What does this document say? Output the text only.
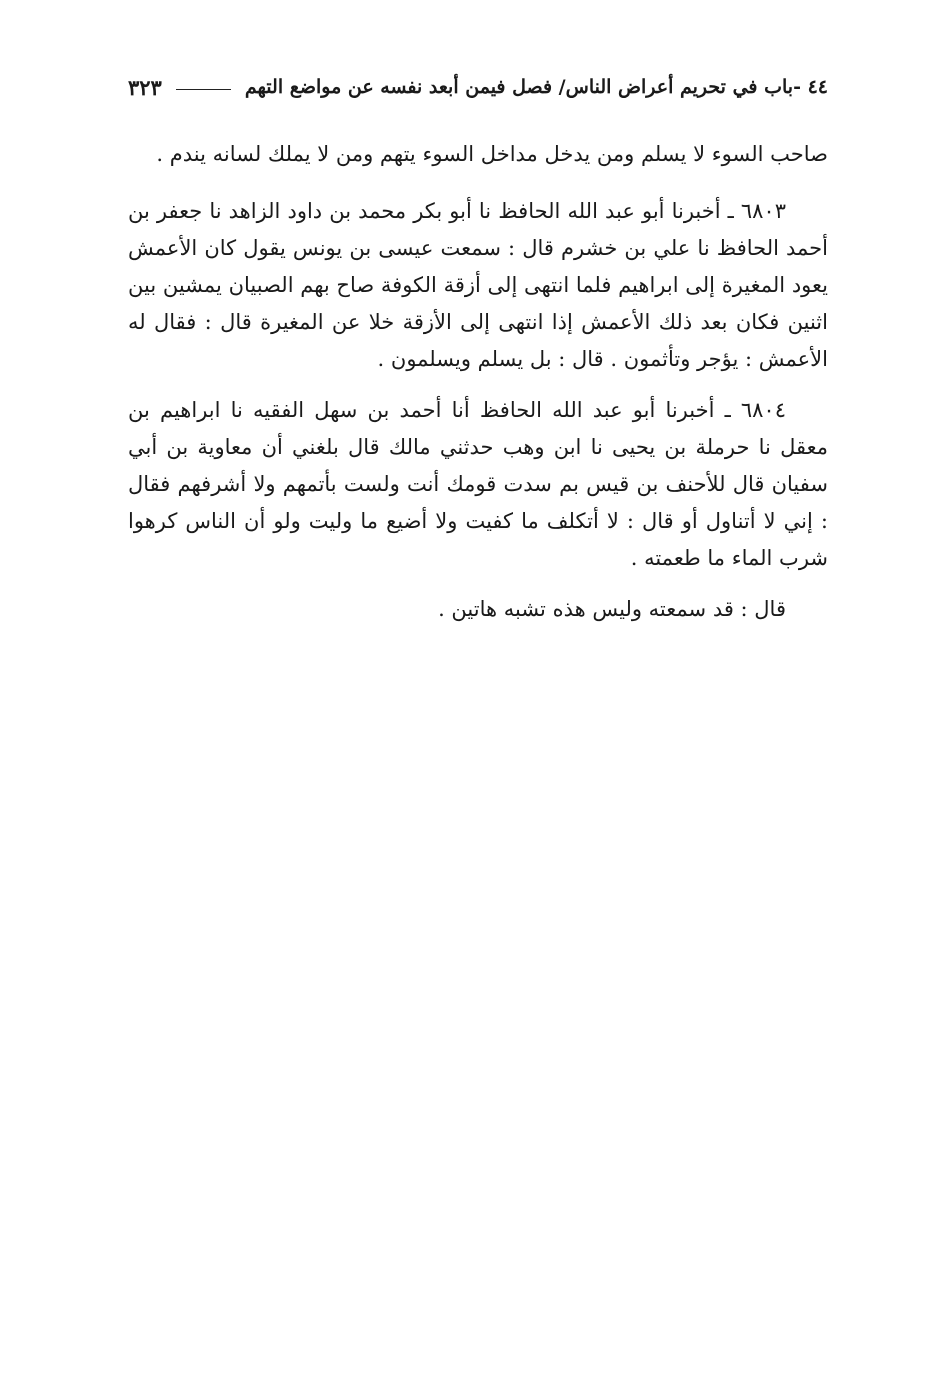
٤٤ -باب في تحريم أعراض الناس/ فصل فيمن أبعد نفسه عن مواضع التهم
٣٢٣

صاحب السوء لا يسلم ومن يدخل مداخل السوء يتهم ومن لا يملك لسانه يندم .

٦٨٠٣ ـ أخبرنا أبو عبد الله الحافظ نا أبو بكر محمد بن داود الزاهد نا جعفر بن أحمد الحافظ نا علي بن خشرم قال : سمعت عيسى بن يونس يقول كان الأعمش يعود المغيرة إلى ابراهيم فلما انتهى إلى أزقة الكوفة صاح بهم الصبيان يمشين بين اثنين فكان بعد ذلك الأعمش إذا انتهى إلى الأزقة خلا عن المغيرة قال : فقال له الأعمش : يؤجر وتأثمون . قال : بل يسلم ويسلمون .

٦٨٠٤ ـ أخبرنا أبو عبد الله الحافظ أنا أحمد بن سهل الفقيه نا ابراهيم بن معقل نا حرملة بن يحيى نا ابن وهب حدثني مالك قال بلغني أن معاوية بن أبي سفيان قال للأحنف بن قيس بم سدت قومك أنت ولست بأتمهم ولا أشرفهم فقال : إني لا أتناول أو قال : لا أتكلف ما كفيت ولا أضيع ما وليت ولو أن الناس كرهوا شرب الماء ما طعمته .

قال : قد سمعته وليس هذه تشبه هاتين .
